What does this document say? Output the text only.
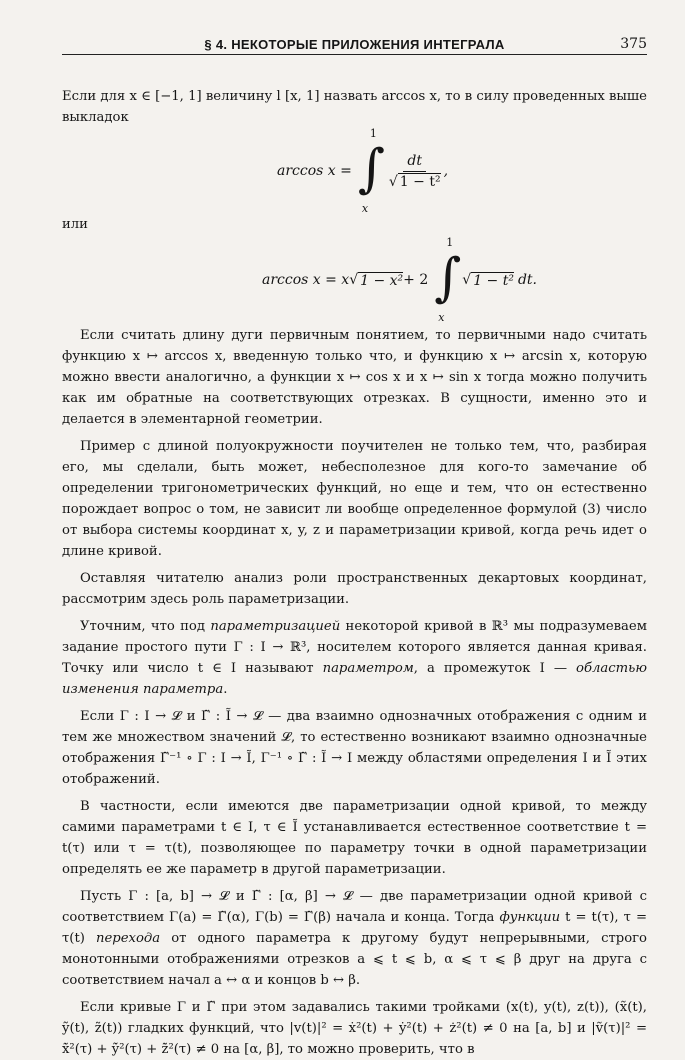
§ 4. НЕКОТОРЫЕ ПРИЛОЖЕНИЯ ИНТЕГРАЛА	375

Если для x ∈ [−1, 1] величину l [x, 1] назвать arccos x, то в силу проведенных выше выкладок

arccos x = ∫
1
x
$\frac{dt}{\text{√ 1 − t²}}$ ,

или

arccos x = x √ 1 − x² + 2 ∫
1
x
√ 1 − t² dt.

Если считать длину дуги первичным понятием, то первичными надо считать функцию x ↦ arccos x, введенную только что, и функцию x ↦ arcsin x, которую можно ввести аналогично, а функции x ↦ cos x и x ↦ sin x тогда можно получить как им обратные на соответствующих отрезках. В сущности, именно это и делается в элементарной геометрии.

Пример с длиной полуокружности поучителен не только тем, что, разбирая его, мы сделали, быть может, небесполезное для кого-то замечание об определении тригонометрических функций, но еще и тем, что он естественно порождает вопрос о том, не зависит ли вообще определенное формулой (3) число от выбора системы координат x, y, z и параметризации кривой, когда речь идет о длине кривой.

Оставляя читателю анализ роли пространственных декартовых координат, рассмотрим здесь роль параметризации.

Уточним, что под параметризацией некоторой кривой в ℝ³ мы подразумеваем задание простого пути Γ : I → ℝ³, носителем которого является данная кривая. Точку или число t ∈ I называют параметром, а промежуток I — областью изменения параметра.

Если Γ : I → 𝓛 и Γ̃ : Ĩ → 𝓛 — два взаимно однозначных отображения с одним и тем же множеством значений 𝓛, то естественно возникают взаимно однозначные отображения Γ̃⁻¹ ∘ Γ : I → Ĩ, Γ⁻¹ ∘ Γ̃ : Ĩ → I между областями определения I и Ĩ этих отображений.

В частности, если имеются две параметризации одной кривой, то между самими параметрами t ∈ I, τ ∈ Ĩ устанавливается естественное соответствие t = t(τ) или τ = τ(t), позволяющее по параметру точки в одной параметризации определять ее же параметр в другой параметризации.

Пусть Γ : [a, b] → 𝓛 и Γ̃ : [α, β] → 𝓛 — две параметризации одной кривой с соответствием Γ(a) = Γ̃(α), Γ(b) = Γ̃(β) начала и конца. Тогда функции t = t(τ), τ = τ(t) перехода от одного параметра к другому будут непрерывными, строго монотонными отображениями отрезков a ⩽ t ⩽ b, α ⩽ τ ⩽ β друг на друга с соответствием начал a ↔ α и концов b ↔ β.

Если кривые Γ и Γ̃ при этом задавались такими тройками (x(t), y(t), z(t)), (x̃(t), ỹ(t), z̃(t)) гладких функций, что |v(t)|² = ẋ²(t) + ẏ²(t) + ż²(t) ≠ 0 на [a, b] и |ṽ(τ)|² = x̃̇²(τ) + ỹ̇²(τ) + z̃̇²(τ) ≠ 0 на [α, β], то можно проверить, что в
